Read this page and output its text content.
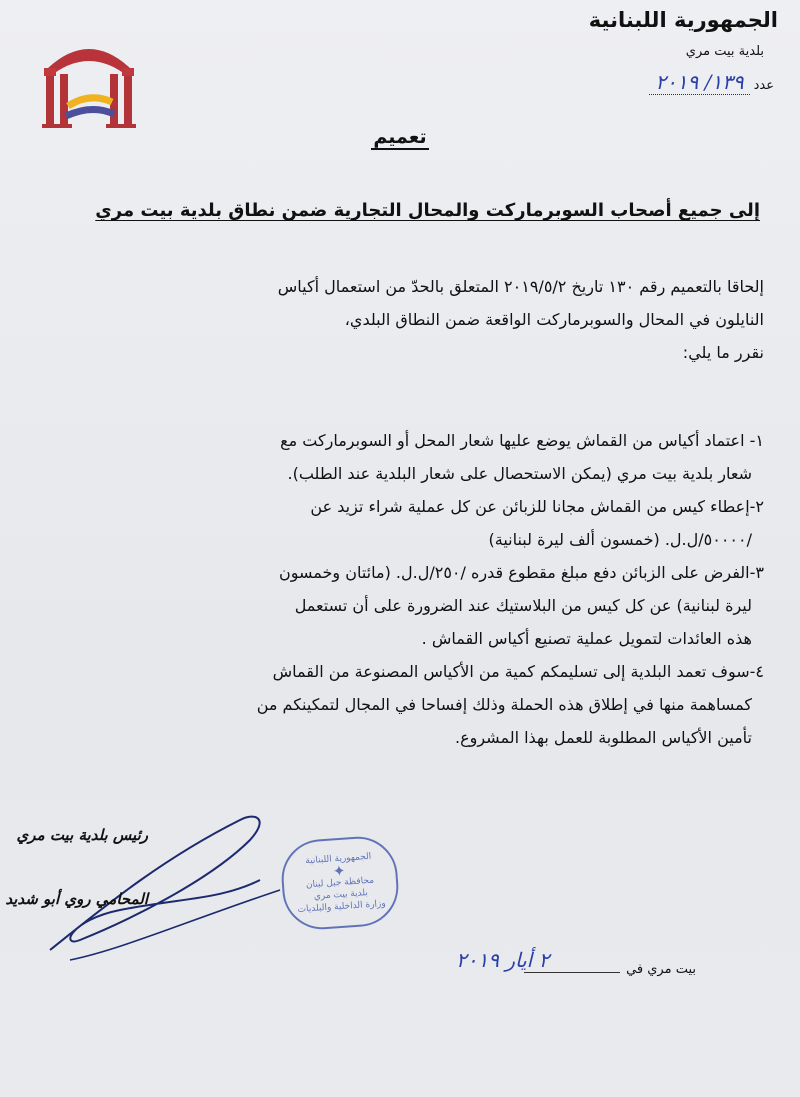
الجمهورية اللبنانية
بلدية بيت مري
عدد
١٣٩/ ٢٠١٩
تعميم
إلى جميع أصحاب السوبرماركت والمحال التجارية ضمن نطاق بلدية بيت مري
إلحاقا بالتعميم رقم ١٣٠ تاريخ ٢٠١٩/٥/٢ المتعلق بالحدّ من استعمال أكياس
النايلون في المحال والسوبرماركت الواقعة ضمن النطاق البلدي،
نقرر ما يلي:

١- اعتماد أكياس من القماش يوضع عليها شعار المحل أو السوبرماركت مع
شعار بلدية بيت مري (يمكن الاستحصال على شعار البلدية عند الطلب).

٢-إعطاء كيس من القماش مجانا للزبائن عن كل عملية شراء تزيد عن
/٥٠٠٠٠/ل.ل. (خمسون ألف ليرة لبنانية)

٣-الفرض على الزبائن دفع مبلغ مقطوع قدره /٢٥٠/ل.ل. (مائتان وخمسون
ليرة لبنانية) عن كل كيس من البلاستيك عند الضرورة على أن تستعمل
هذه العائدات لتمويل عملية تصنيع أكياس القماش .

٤-سوف تعمد البلدية إلى تسليمكم كمية من الأكياس المصنوعة من القماش
كمساهمة منها في إطلاق هذه الحملة وذلك إفساحا في المجال لتمكينكم من
تأمين الأكياس المطلوبة للعمل بهذا المشروع.

رئيس بلدية بيت مري
المحامي روي أبو شديد
الجمهورية اللبنانية
✦
محافظة جبل لبنان
بلدية بيت مري
وزارة الداخلية والبلديات
٢ أيار ٢٠١٩	بيت مري في
